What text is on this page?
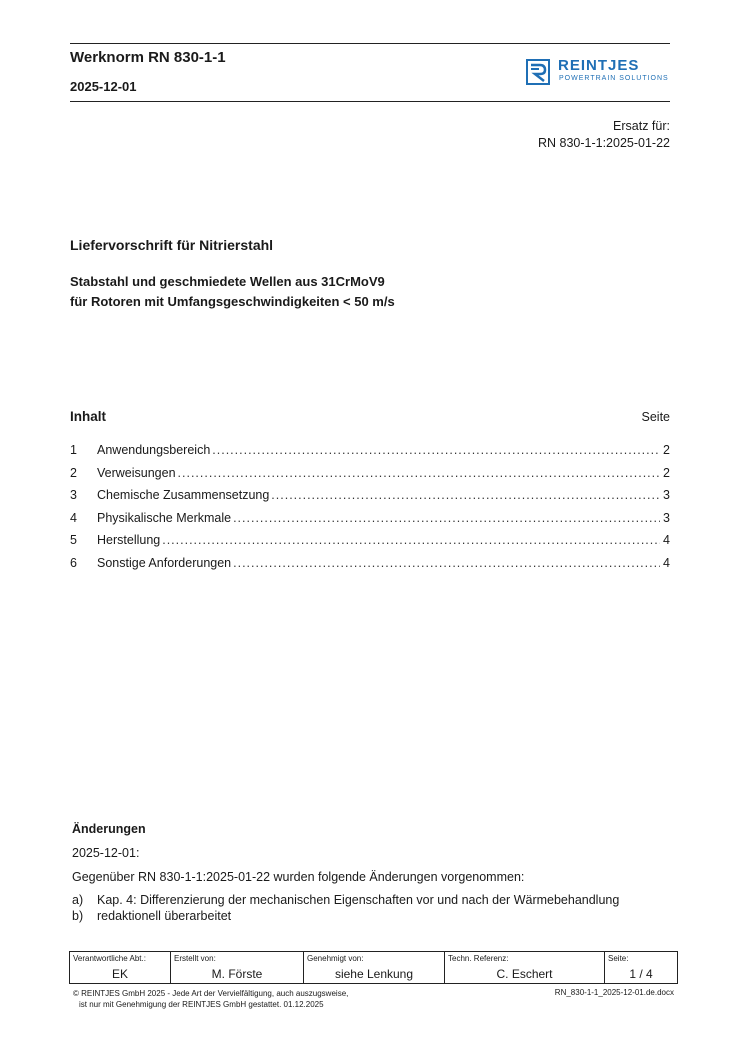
Werknorm RN 830-1-1
2025-12-01
REINTJES
POWERTRAIN SOLUTIONS
Ersatz für:
RN 830-1-1:2025-01-22
Liefervorschrift für Nitrierstahl
Stabstahl und geschmiedete Wellen aus 31CrMoV9
für Rotoren mit Umfangsgeschwindigkeiten < 50 m/s
Inhalt	Seite
1	Anwendungsbereich .....	2
2	Verweisungen .....	2
3	Chemische Zusammensetzung .....	3
4	Physikalische Merkmale .....	3
5	Herstellung .....	4
6	Sonstige Anforderungen .....	4
Änderungen
2025-12-01:
Gegenüber RN 830-1-1:2025-01-22 wurden folgende Änderungen vorgenommen:
a)	Kap. 4: Differenzierung der mechanischen Eigenschaften vor und nach der Wärmebehandlung
b)	redaktionell überarbeitet
Verantwortliche Abt.:
EK
Erstellt von:
M. Förste
Genehmigt von:
siehe Lenkung
Techn. Referenz:
C. Eschert
Seite:
1 / 4
© REINTJES GmbH 2025 - Jede Art der Vervielfältigung, auch auszugsweise,
ist nur mit Genehmigung der REINTJES GmbH gestattet. 01.12.2025
RN_830-1-1_2025-12-01.de.docx
